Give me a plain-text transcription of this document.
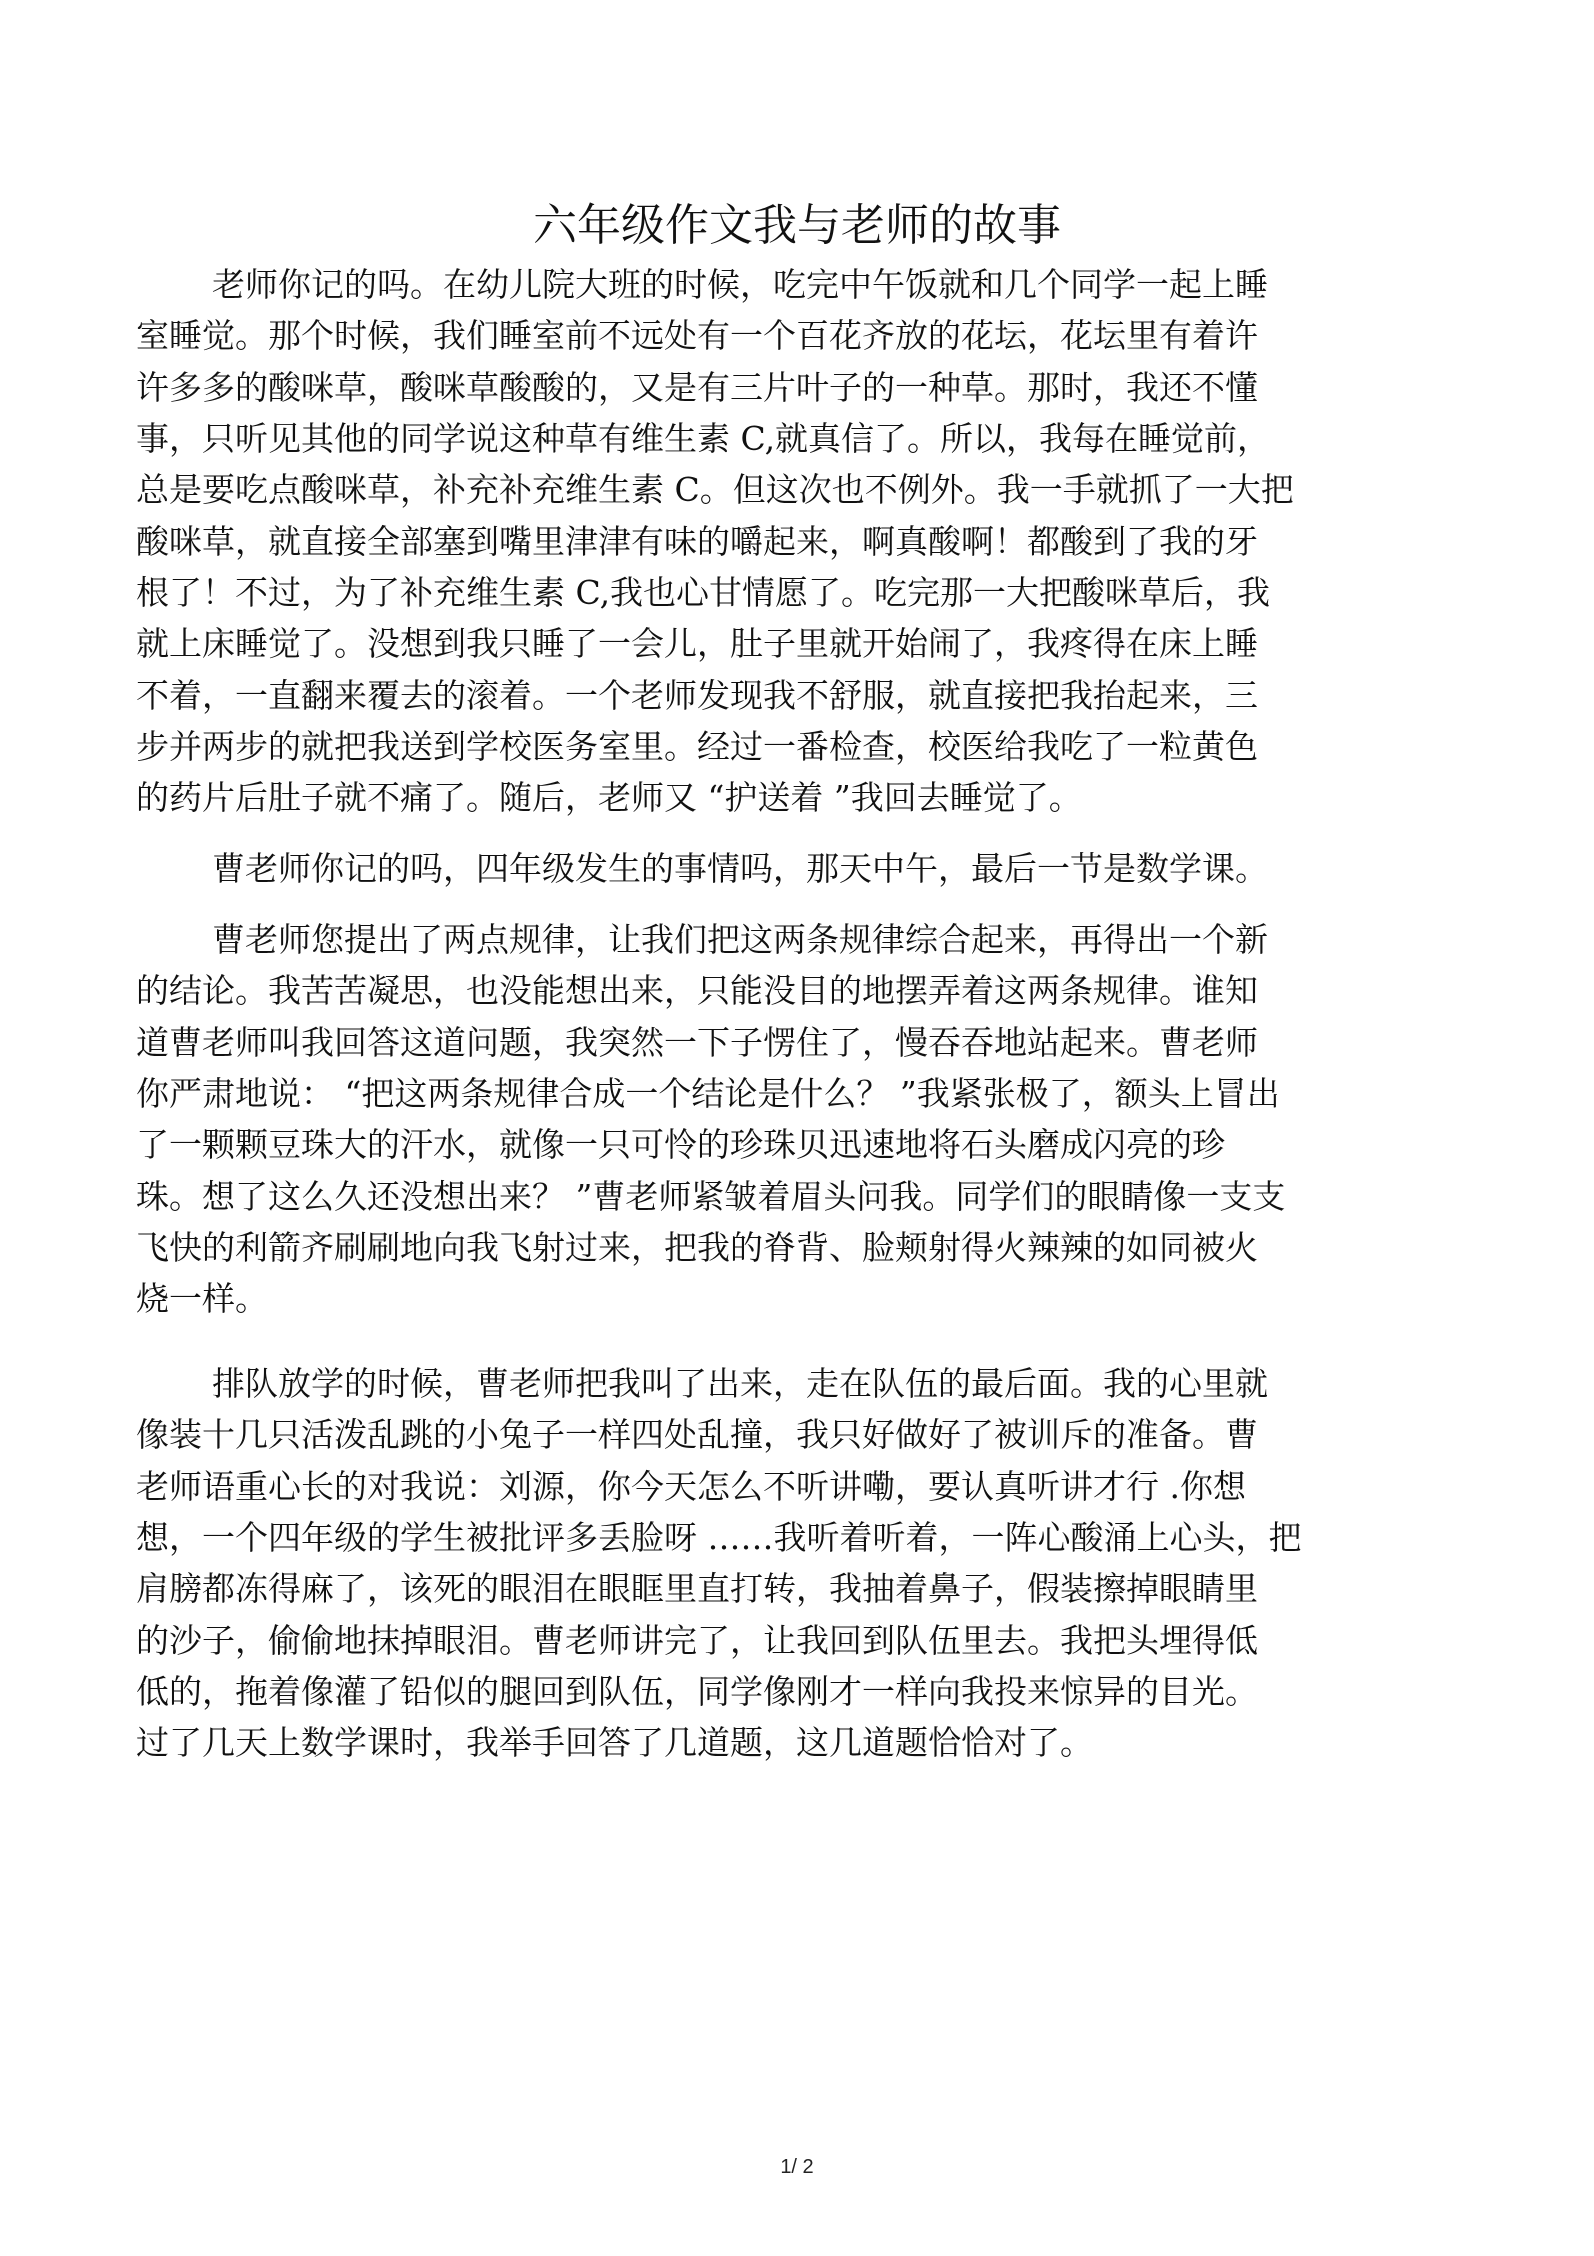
六年级作文我与老师的故事

老师你记的吗。在幼儿院大班的时候，吃完中午饭就和几个同学一起上睡

室睡觉。那个时候，我们睡室前不远处有一个百花齐放的花坛，花坛里有着许

许多多的酸咪草，酸咪草酸酸的，又是有三片叶子的一种草。那时，我还不懂

事，只听见其他的同学说这种草有维生素 C,就真信了。所以，我每在睡觉前，

总是要吃点酸咪草，补充补充维生素 C。但这次也不例外。我一手就抓了一大把

酸咪草，就直接全部塞到嘴里津津有味的嚼起来，啊真酸啊！都酸到了我的牙

根了！不过，为了补充维生素 C,我也心甘情愿了。吃完那一大把酸咪草后，我

就上床睡觉了。没想到我只睡了一会儿，肚子里就开始闹了，我疼得在床上睡

不着，一直翻来覆去的滚着。一个老师发现我不舒服，就直接把我抬起来，三

步并两步的就把我送到学校医务室里。经过一番检查，校医给我吃了一粒黄色

的药片后肚子就不痛了。随后，老师又 “护送着 ”我回去睡觉了。

曹老师你记的吗，四年级发生的事情吗，那天中午，最后一节是数学课。

曹老师您提出了两点规律，让我们把这两条规律综合起来，再得出一个新

的结论。我苦苦凝思，也没能想出来，只能没目的地摆弄着这两条规律。谁知

道曹老师叫我回答这道问题，我突然一下子愣住了，慢吞吞地站起来。曹老师

你严肃地说： “把这两条规律合成一个结论是什么？ ”我紧张极了，额头上冒出

了一颗颗豆珠大的汗水，就像一只可怜的珍珠贝迅速地将石头磨成闪亮的珍

珠。想了这么久还没想出来？ ”曹老师紧皱着眉头问我。同学们的眼睛像一支支

飞快的利箭齐刷刷地向我飞射过来，把我的脊背、脸颊射得火辣辣的如同被火

烧一样。

排队放学的时候，曹老师把我叫了出来，走在队伍的最后面。我的心里就

像装十几只活泼乱跳的小兔子一样四处乱撞，我只好做好了被训斥的准备。曹

老师语重心长的对我说：刘源，你今天怎么不听讲嘞，要认真听讲才行 .你想

想，一个四年级的学生被批评多丢脸呀 ……我听着听着，一阵心酸涌上心头，把

肩膀都冻得麻了，该死的眼泪在眼眶里直打转，我抽着鼻子，假装擦掉眼睛里

的沙子，偷偷地抹掉眼泪。曹老师讲完了，让我回到队伍里去。我把头埋得低

低的，拖着像灌了铅似的腿回到队伍，同学像刚才一样向我投来惊异的目光。

过了几天上数学课时，我举手回答了几道题，这几道题恰恰对了。

1/ 2
